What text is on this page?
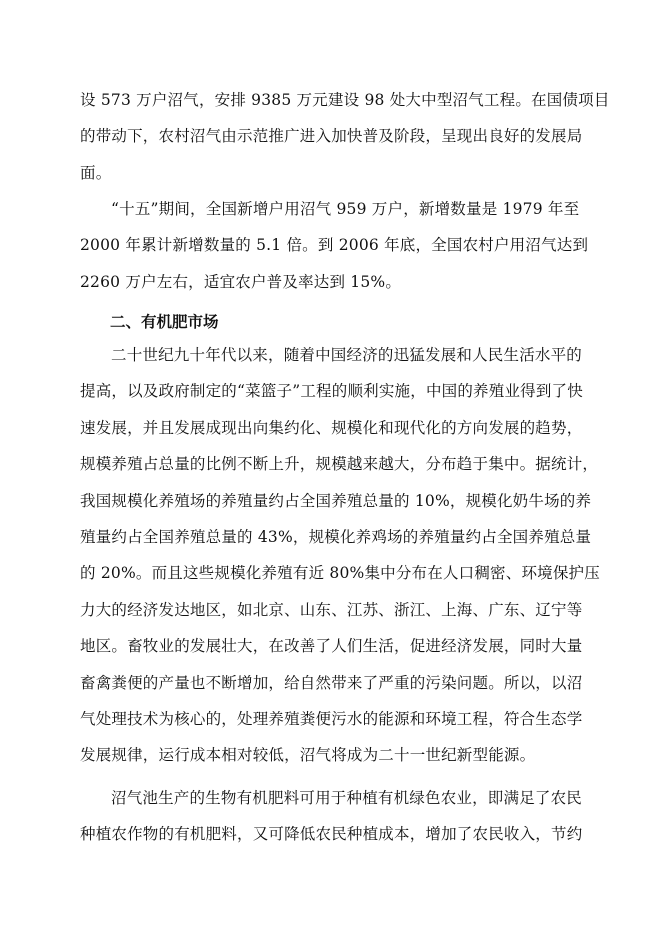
设 573 万户沼气，安排 9385 万元建设 98 处大中型沼气工程。在国债项目
的带动下，农村沼气由示范推广进入加快普及阶段，呈现出良好的发展局
面。
“十五”期间，全国新增户用沼气 959 万户，新增数量是 1979 年至
2000 年累计新增数量的 5.1 倍。到 2006 年底，全国农村户用沼气达到
2260 万户左右，适宜农户普及率达到 15%。
二、有机肥市场
二十世纪九十年代以来，随着中国经济的迅猛发展和人民生活水平的
提高，以及政府制定的“菜篮子”工程的顺利实施，中国的养殖业得到了快
速发展，并且发展成现出向集约化、规模化和现代化的方向发展的趋势，
规模养殖占总量的比例不断上升，规模越来越大，分布趋于集中。据统计，
我国规模化养殖场的养殖量约占全国养殖总量的 10%，规模化奶牛场的养
殖量约占全国养殖总量的 43%，规模化养鸡场的养殖量约占全国养殖总量
的 20%。而且这些规模化养殖有近 80%集中分布在人口稠密、环境保护压
力大的经济发达地区，如北京、山东、江苏、浙江、上海、广东、辽宁等
地区。畜牧业的发展壮大，在改善了人们生活，促进经济发展，同时大量
畜禽粪便的产量也不断增加，给自然带来了严重的污染问题。所以，以沼
气处理技术为核心的，处理养殖粪便污水的能源和环境工程，符合生态学
发展规律，运行成本相对较低，沼气将成为二十一世纪新型能源。
沼气池生产的生物有机肥料可用于种植有机绿色农业，即满足了农民
种植农作物的有机肥料，又可降低农民种植成本，增加了农民收入，节约
